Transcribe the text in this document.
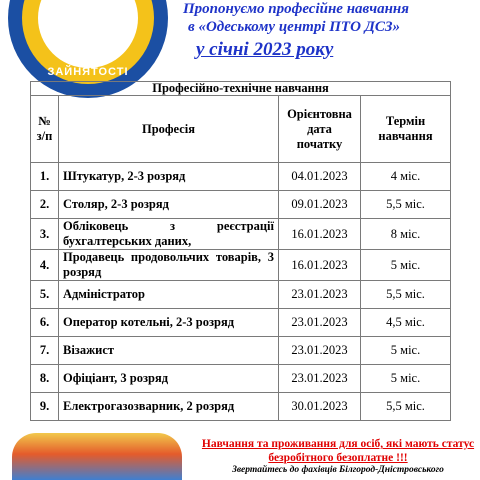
ЗАЙНЯТОСТІ
Пропонуємо професійне навчання
в «Одеському центрі ПТО ДСЗ»
у січні 2023 року
Професійно-технічне навчання			
№ з/п	Професія	Орієнтовна дата початку	Термін навчання
1.	Штукатур, 2-3 розряд	04.01.2023	4 міс.
2.	Столяр, 2-3 розряд	09.01.2023	5,5 міс.
3.	Обліковець з реєстрації бухгалтерських даних,	16.01.2023	8 міс.
4.	Продавець продовольчих товарів, 3 розряд	16.01.2023	5 міс.
5.	Адміністратор	23.01.2023	5,5 міс.
6.	Оператор котельні, 2-3 розряд	23.01.2023	4,5 міс.
7.	Візажист	23.01.2023	5 міс.
8.	Офіціант, 3 розряд	23.01.2023	5 міс.
9.	Електрогазозварник, 2 розряд	30.01.2023	5,5 міс.
Навчання та проживання для осіб, які мають статус безробітного безоплатне !!!
Звертайтесь до фахівців Білгород-Дністровського
